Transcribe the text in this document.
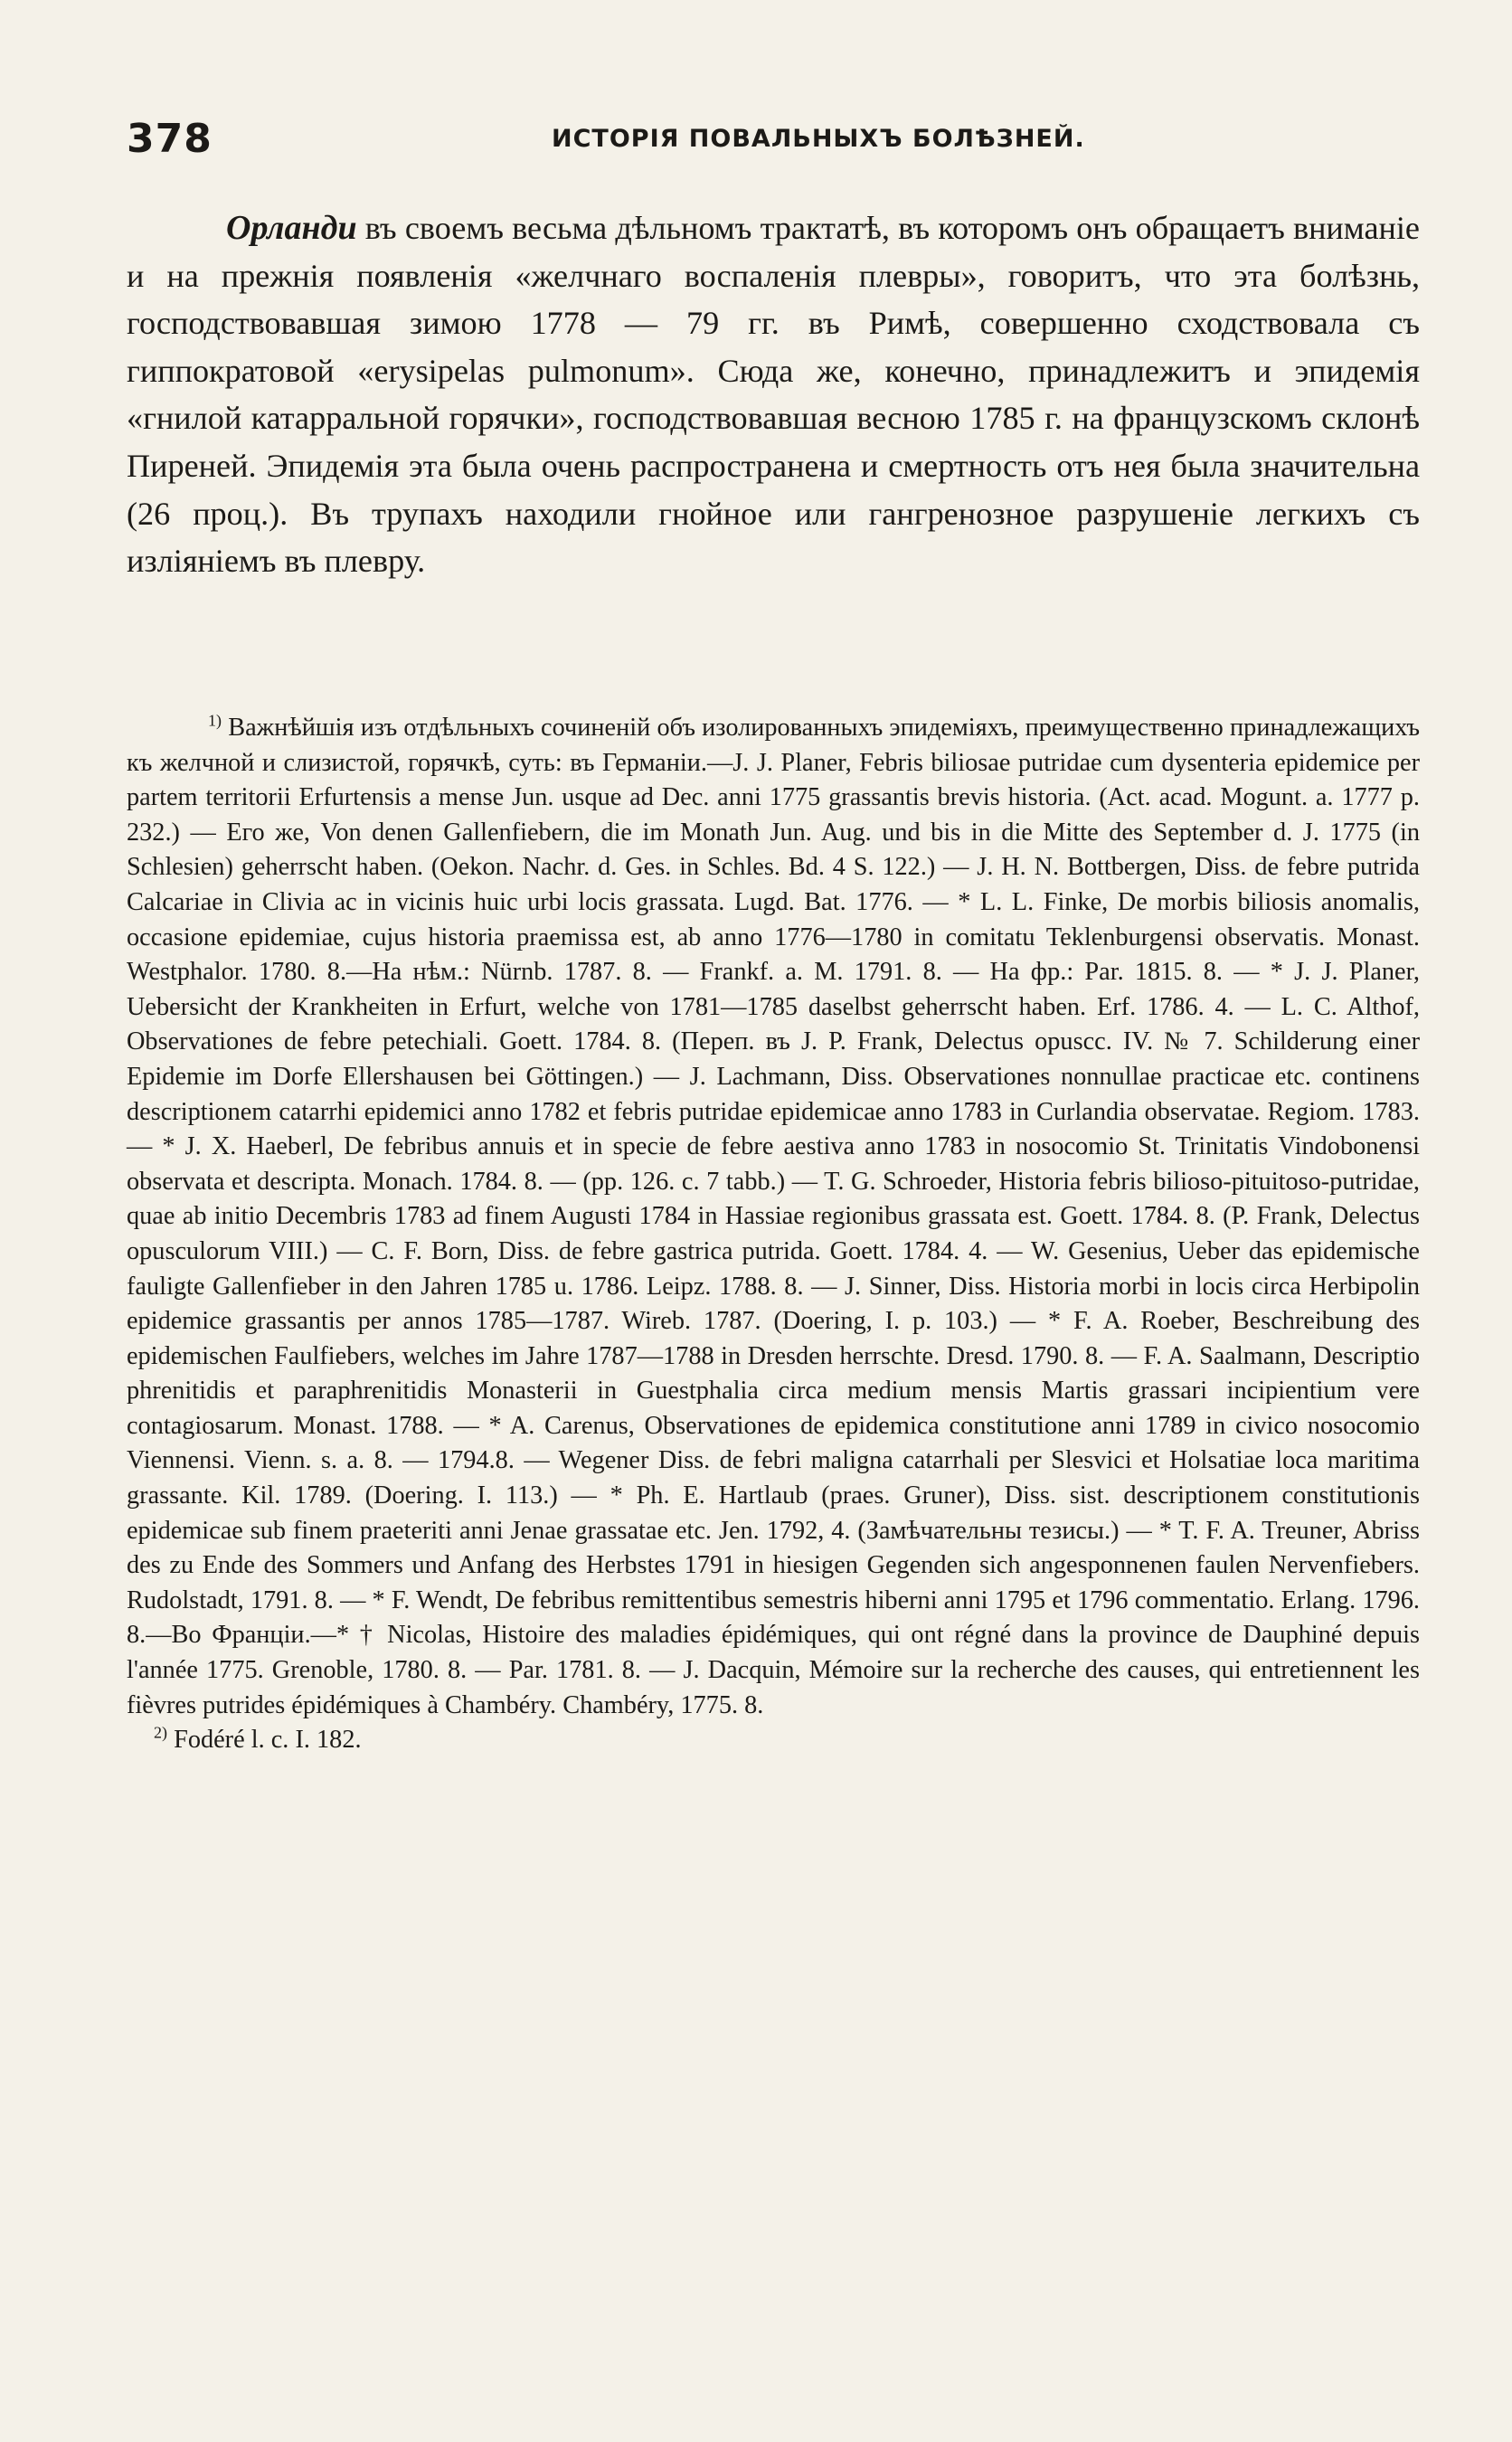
378	ИСТОРІЯ ПОВАЛЬНЫХЪ БОЛѢЗНЕЙ.
Орланди въ своемъ весьма дѣльномъ трактатѣ, въ которомъ онъ обращаетъ вниманіе и на прежнія появленія «желчнаго воспаленія плевры», говоритъ, что эта болѣзнь, господствовавшая зимою 1778 — 79 гг. въ Римѣ, совершенно сходствовала съ гиппократовой «erysipelas pulmonum». Сюда же, конечно, принадлежитъ и эпидемія «гнилой катарральной горячки», господствовавшая весною 1785 г. на французскомъ склонѣ Пиреней. Эпидемія эта была очень распространена и смертность отъ нея была значительна (26 проц.). Въ трупахъ находили гнойное или гангренозное разрушеніе легкихъ съ изліяніемъ въ плевру.

$^{1)}$ Важнѣйшія изъ отдѣльныхъ сочиненій объ изолированныхъ эпидеміяхъ, преимущественно принадлежащихъ къ желчной и слизистой, горячкѣ, суть: въ Германіи.—J. J. Planer, Febris biliosae putridae cum dysenteria epidemice per partem territorii Erfurtensis a mense Jun. usque ad Dec. anni 1775 grassantis brevis historia. (Act. acad. Mogunt. a. 1777 p. 232.) — Его же, Von denen Gallenfiebern, die im Monath Jun. Aug. und bis in die Mitte des September d. J. 1775 (in Schlesien) geherrscht haben. (Oekon. Nachr. d. Ges. in Schles. Bd. 4 S. 122.) — J. H. N. Bottbergen, Diss. de febre putrida Calcariae in Clivia ac in vicinis huic urbi locis grassata. Lugd. Bat. 1776. — * L. L. Finke, De morbis biliosis anomalis, occasione epidemiae, cujus historia praemissa est, ab anno 1776—1780 in comitatu Teklenburgensi observatis. Monast. Westphalor. 1780. 8.—На нѣм.: Nürnb. 1787. 8. — Frankf. a. M. 1791. 8. — На фр.: Par. 1815. 8. — * J. J. Planer, Uebersicht der Krankheiten in Erfurt, welche von 1781—1785 daselbst geherrscht haben. Erf. 1786. 4. — L. C. Althof, Observationes de febre petechiali. Goett. 1784. 8. (Переп. въ J. P. Frank, Delectus opuscc. IV. № 7. Schilderung einer Epidemie im Dorfe Ellershausen bei Göttingen.) — J. Lachmann, Diss. Observationes nonnullae practicae etc. continens descriptionem catarrhi epidemici anno 1782 et febris putridae epidemicae anno 1783 in Curlandia observatae. Regiom. 1783. — * J. X. Haeberl, De febribus annuis et in specie de febre aestiva anno 1783 in nosocomio St. Trinitatis Vindobonensi observata et descripta. Monach. 1784. 8. — (pp. 126. c. 7 tabb.) — T. G. Schroeder, Historia febris bilioso-pituitoso-putridae, quae ab initio Decembris 1783 ad finem Augusti 1784 in Hassiae regionibus grassata est. Goett. 1784. 8. (P. Frank, Delectus opusculorum VIII.) — C. F. Born, Diss. de febre gastrica putrida. Goett. 1784. 4. — W. Gesenius, Ueber das epidemische fauligte Gallenfieber in den Jahren 1785 u. 1786. Leipz. 1788. 8. — J. Sinner, Diss. Historia morbi in locis circa Herbipolin epidemice grassantis per annos 1785—1787. Wireb. 1787. (Doering, I. p. 103.) — * F. A. Roeber, Beschreibung des epidemischen Faulfiebers, welches im Jahre 1787—1788 in Dresden herrschte. Dresd. 1790. 8. — F. A. Saalmann, Descriptio phrenitidis et paraphrenitidis Monasterii in Guestphalia circa medium mensis Martis grassari incipientium vere contagiosarum. Monast. 1788. — * A. Carenus, Observationes de epidemica constitutione anni 1789 in civico nosocomio Viennensi. Vienn. s. a. 8. — 1794.8. — Wegener Diss. de febri maligna catarrhali per Slesvici et Holsatiae loca maritima grassante. Kil. 1789. (Doering. I. 113.) — * Ph. E. Hartlaub (praes. Gruner), Diss. sist. descriptionem constitutionis epidemicae sub finem praeteriti anni Jenae grassatae etc. Jen. 1792, 4. (Замѣчательны тезисы.) — * T. F. A. Treuner, Abriss des zu Ende des Sommers und Anfang des Herbstes 1791 in hiesigen Gegenden sich angesponnenen faulen Nervenfiebers. Rudolstadt, 1791. 8. — * F. Wendt, De febribus remittentibus semestris hiberni anni 1795 et 1796 commentatio. Erlang. 1796. 8.—Во Франціи.—* † Nicolas, Histoire des maladies épidémiques, qui ont régné dans la province de Dauphiné depuis l'année 1775. Grenoble, 1780. 8. — Par. 1781. 8. — J. Dacquin, Mémoire sur la recherche des causes, qui entretiennent les fièvres putrides épidémiques à Chambéry. Chambéry, 1775. 8.

$^{2)}$ Fodéré l. c. I. 182.
